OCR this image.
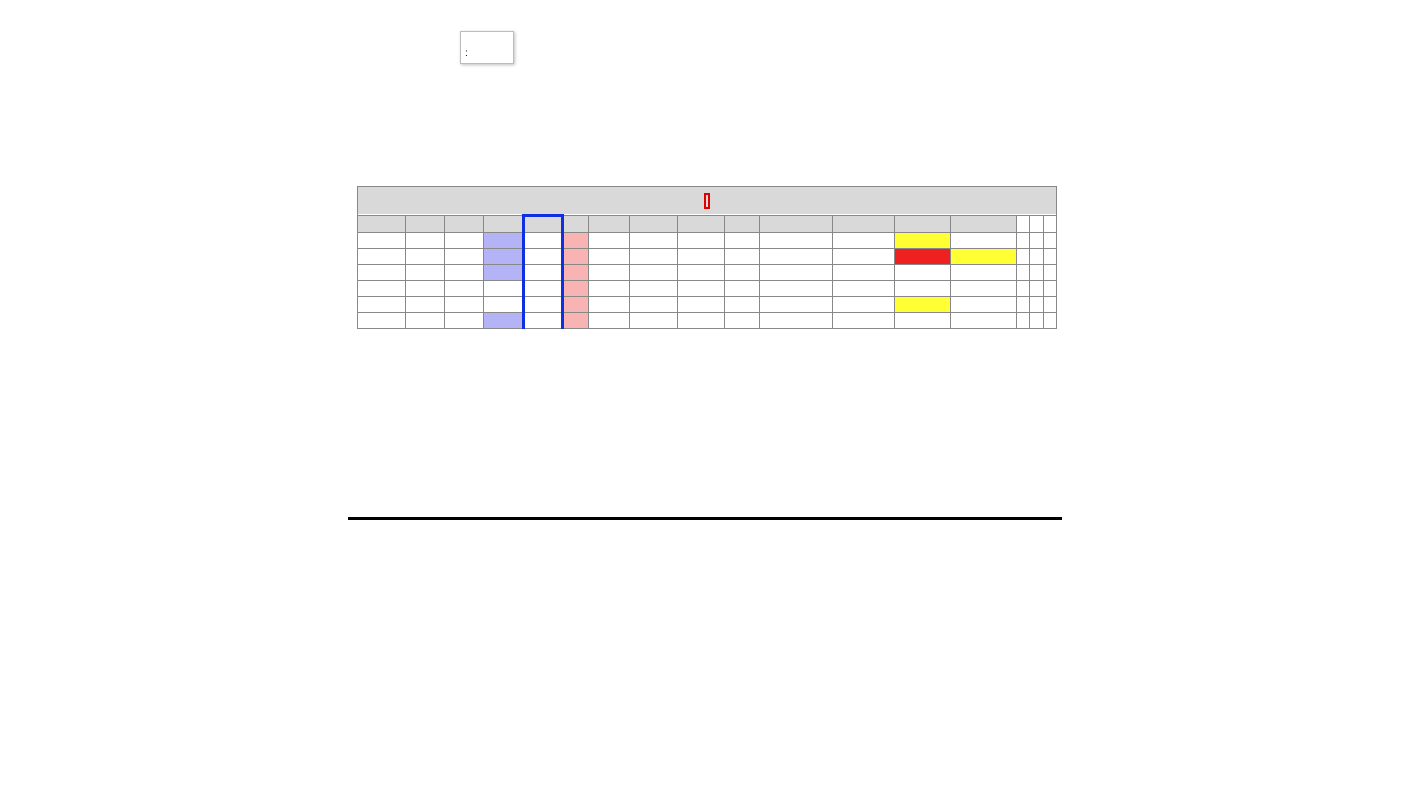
:
